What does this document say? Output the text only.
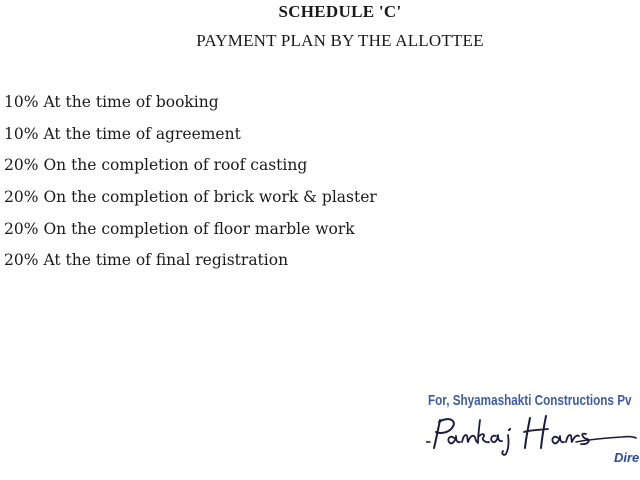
SCHEDULE 'C'
PAYMENT PLAN BY THE ALLOTTEE
10% At the time of booking
10% At the time of agreement
20% On the completion of roof casting
20% On the completion of brick work & plaster
20% On the completion of floor marble work
20% At the time of final registration
For, Shyamashakti Constructions Pv
Dire
